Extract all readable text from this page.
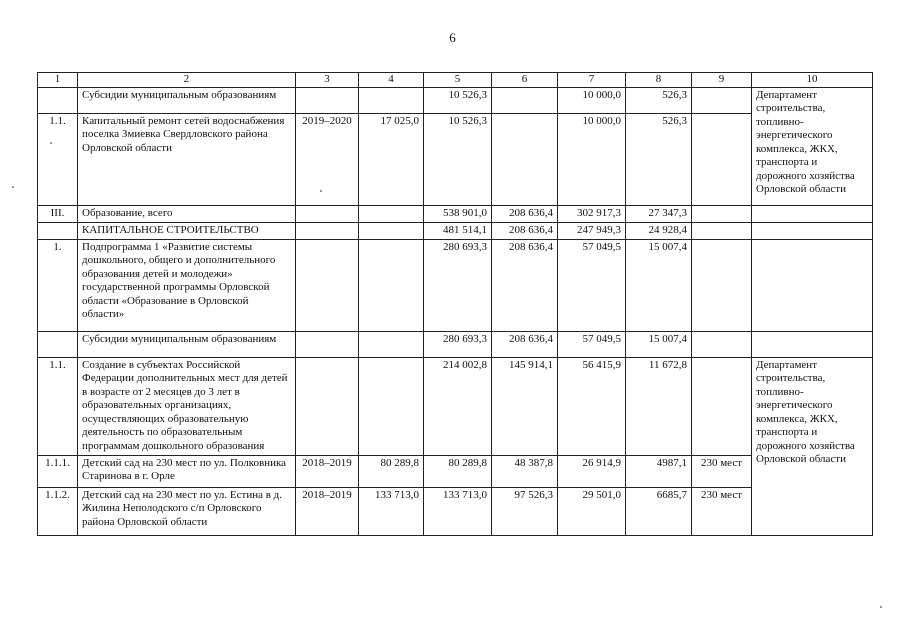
6
1	2	3	4	5	6	7	8	9	10
	Субсидии муниципальным образованиям			10 526,3		10 000,0	526,3		Департамент строительства, топливно-энергетического комплекса, ЖКХ, транспорта и дорожного хозяйства Орловской области
1.1.	Капитальный ремонт сетей водоснабжения поселка Змиевка Свердловского района Орловской области	2019–2020	17 025,0	10 526,3		10 000,0	526,3		
III.	Образование, всего			538 901,0	208 636,4	302 917,3	27 347,3		
	КАПИТАЛЬНОЕ СТРОИТЕЛЬСТВО			481 514,1	208 636,4	247 949,3	24 928,4		
1.	Подпрограмма 1 «Развитие системы дошкольного, общего и дополнительного образования детей и молодежи» государственной программы Орловской области «Образование в Орловской области»			280 693,3	208 636,4	57 049,5	15 007,4		
	Субсидии муниципальным образованиям			280 693,3	208 636,4	57 049,5	15 007,4		
1.1.	Создание в субъектах Российской Федерации дополнительных мест для детей в возрасте от 2 месяцев до 3 лет в образовательных организациях, осуществляющих образовательную деятельность по образовательным программам дошкольного образования			214 002,8	145 914,1	56 415,9	11 672,8		Департамент строительства, топливно-энергетического комплекса, ЖКХ, транспорта и дорожного хозяйства Орловской области
1.1.1.	Детский сад на 230 мест по ул. Полковника Старинова в г. Орле	2018–2019	80 289,8	80 289,8	48 387,8	26 914,9	4987,1	230 мест	
1.1.2.	Детский сад на 230 мест по ул. Естина в д. Жилина Неполодского с/п Орловского района Орловской области	2018–2019	133 713,0	133 713,0	97 526,3	29 501,0	6685,7	230 мест	
